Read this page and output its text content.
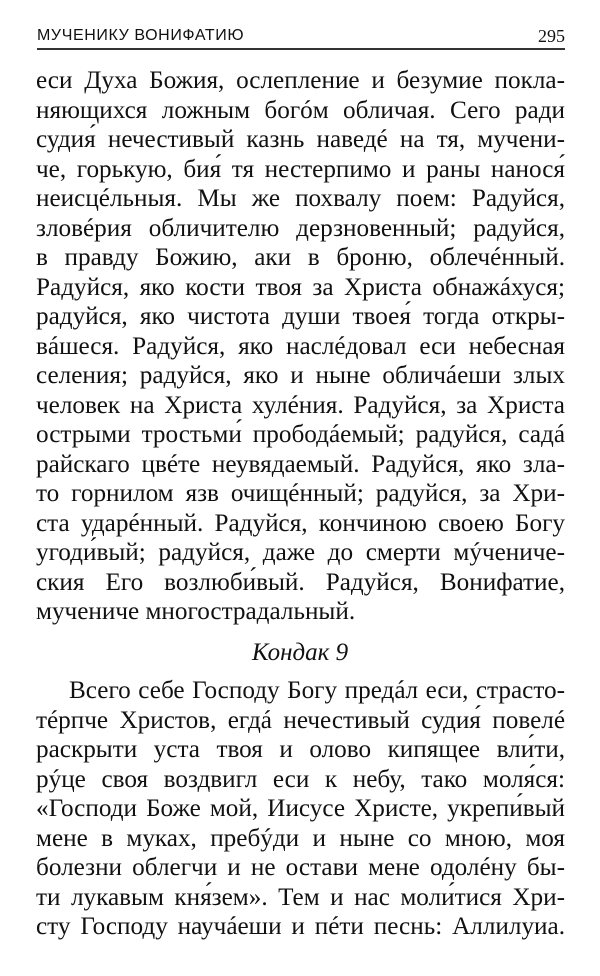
МУЧЕНИКУ ВОНИФАТИЮ	295
еси Духа Божия, ослепление и безумие покла-
няющихся ложным богóм обличая. Сего ради
судия́ нечестивый казнь наведé на тя, мучени-
че, горькую, бия́ тя нестерпимо и раны нанося́
неисцéльныя. Мы же похвалу поем: Радуйся,
зловéрия обличителю дерзновенный; радуйся,
в правду Божию, аки в броню, облечéнный.
Радуйся, яко кости твоя за Христа обнажáхуся;
радуйся, яко чистота души твоея́ тогда откры-
вáшеся. Радуйся, яко наслéдовал еси небесная
селения; радуйся, яко и ныне обличáеши злых
человек на Христа хулéния. Радуйся, за Христа
острыми тростьми́ прободáемый; радуйся, садá
райскаго цвéте неувядаемый. Радуйся, яко зла-
то горнилом язв очищéнный; радуйся, за Хри-
ста ударéнный. Радуйся, кончиною своею Богу
угоди́вый; радуйся, даже до смерти мýчениче-
ския Его возлюби́вый. Радуйся, Вонифатие,
мучениче многострадальный.
Кондак 9
Всего себе Господу Богу предáл еси, страсто-
тéрпче Христов, егдá нечестивый судия́ повелé
раскрыти уста твоя и олово кипящее вли́ти,
рýце своя воздвигл еси к небу, тако моля́ся:
«Господи Боже мой, Иисусе Христе, укрепи́вый
мене в муках, пребýди и ныне со мною, моя
болезни облегчи и не остави мене одолéну бы-
ти лукавым кня́зем». Тем и нас моли́тися Хри-
сту Господу научáеши и пéти песнь: Аллилуиа.
